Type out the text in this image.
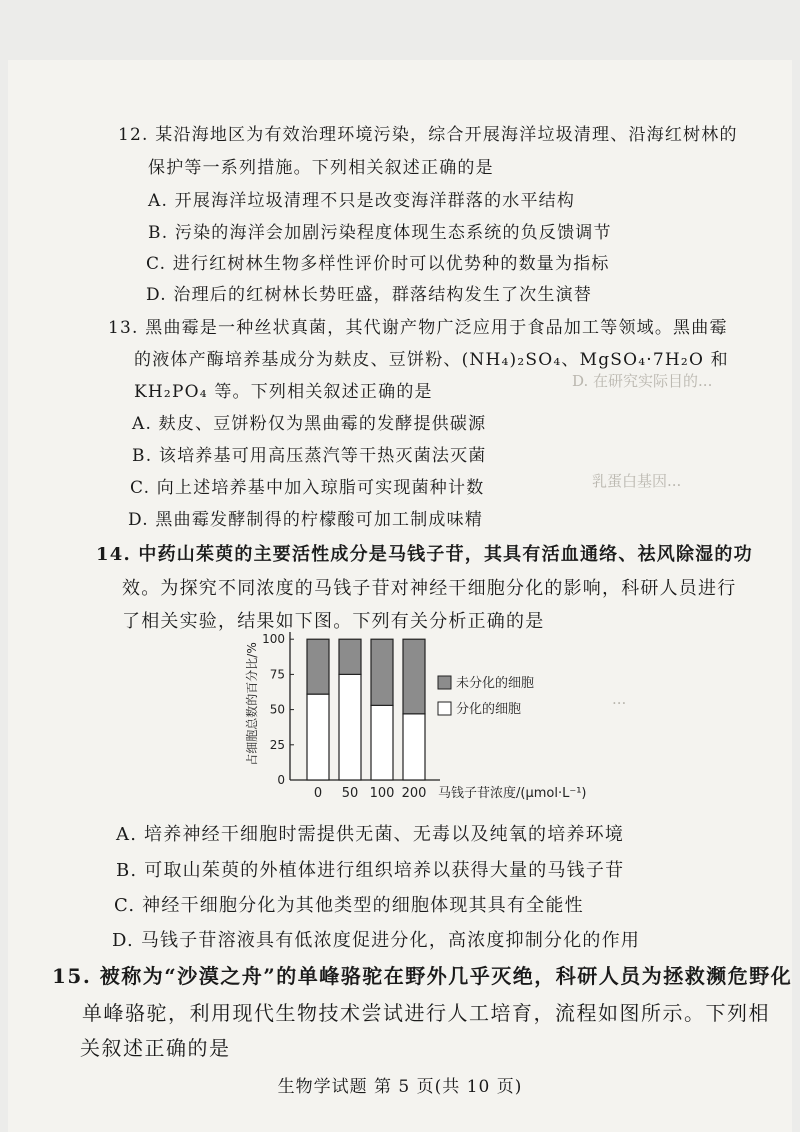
D. 在研究实际目的...
乳蛋白基因...
...
12. 某沿海地区为有效治理环境污染，综合开展海洋垃圾清理、沿海红树林的
保护等一系列措施。下列相关叙述正确的是
A. 开展海洋垃圾清理不只是改变海洋群落的水平结构
B. 污染的海洋会加剧污染程度体现生态系统的负反馈调节
C. 进行红树林生物多样性评价时可以优势种的数量为指标
D. 治理后的红树林长势旺盛，群落结构发生了次生演替
13. 黑曲霉是一种丝状真菌，其代谢产物广泛应用于食品加工等领域。黑曲霉
的液体产酶培养基成分为麸皮、豆饼粉、(NH₄)₂SO₄、MgSO₄·7H₂O 和
KH₂PO₄ 等。下列相关叙述正确的是
A. 麸皮、豆饼粉仅为黑曲霉的发酵提供碳源
B. 该培养基可用高压蒸汽等干热灭菌法灭菌
C. 向上述培养基中加入琼脂可实现菌种计数
D. 黑曲霉发酵制得的柠檬酸可加工制成味精
14. 中药山茱萸的主要活性成分是马钱子苷，其具有活血通络、祛风除湿的功
效。为探究不同浓度的马钱子苷对神经干细胞分化的影响，科研人员进行
了相关实验，结果如下图。下列有关分析正确的是
0
25
50
75
100
占细胞总数的百分比/%
0 50 100 200 马钱子苷浓度/(μmol·L⁻¹)
未分化的细胞
分化的细胞
A. 培养神经干细胞时需提供无菌、无毒以及纯氧的培养环境
B. 可取山茱萸的外植体进行组织培养以获得大量的马钱子苷
C. 神经干细胞分化为其他类型的细胞体现其具有全能性
D. 马钱子苷溶液具有低浓度促进分化，高浓度抑制分化的作用
15. 被称为“沙漠之舟”的单峰骆驼在野外几乎灭绝，科研人员为拯救濒危野化
单峰骆驼，利用现代生物技术尝试进行人工培育，流程如图所示。下列相
关叙述正确的是
生物学试题 第 5 页(共 10 页)
